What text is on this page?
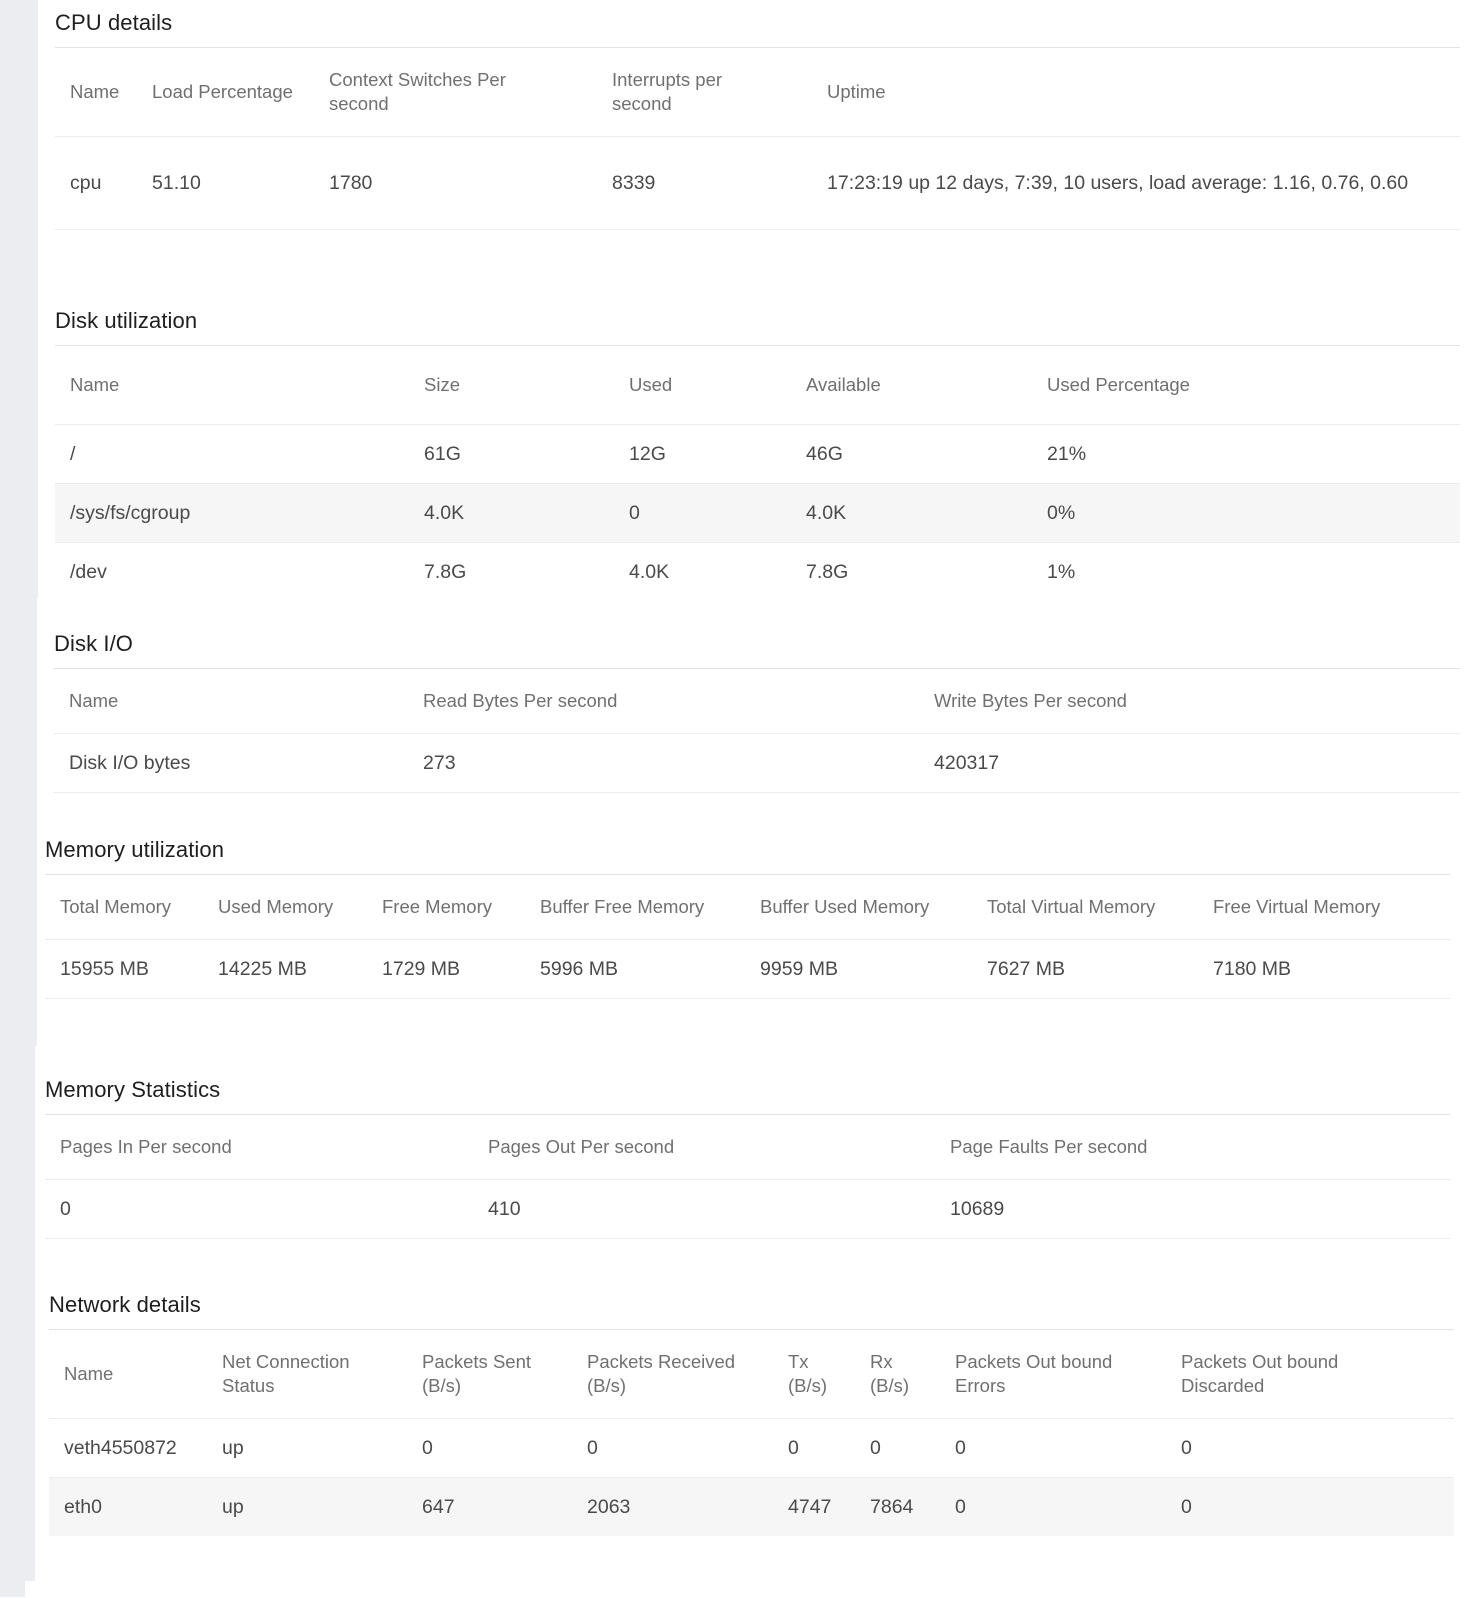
CPU details
Name	Load Percentage	Context Switches Per second	Interrupts per second	Uptime
cpu	51.10	1780	8339	17:23:19 up 12 days, 7:39, 10 users, load average: 1.16, 0.76, 0.60
Disk utilization
Name	Size	Used	Available	Used Percentage
/	61G	12G	46G	21%
/sys/fs/cgroup	4.0K	0	4.0K	0%
/dev	7.8G	4.0K	7.8G	1%
Disk I/O
Name	Read Bytes Per second	Write Bytes Per second
Disk I/O bytes	273	420317
Memory utilization
Total Memory	Used Memory	Free Memory	Buffer Free Memory	Buffer Used Memory	Total Virtual Memory	Free Virtual Memory
15955 MB	14225 MB	1729 MB	5996 MB	9959 MB	7627 MB	7180 MB
Memory Statistics
Pages In Per second	Pages Out Per second	Page Faults Per second
0	410	10689
Network details
Name	Net Connection Status	Packets Sent (B/s)	Packets Received (B/s)	Tx (B/s)	Rx (B/s)	Packets Out bound Errors	Packets Out bound Discarded
veth4550872	up	0	0	0	0	0	0
eth0	up	647	2063	4747	7864	0	0
